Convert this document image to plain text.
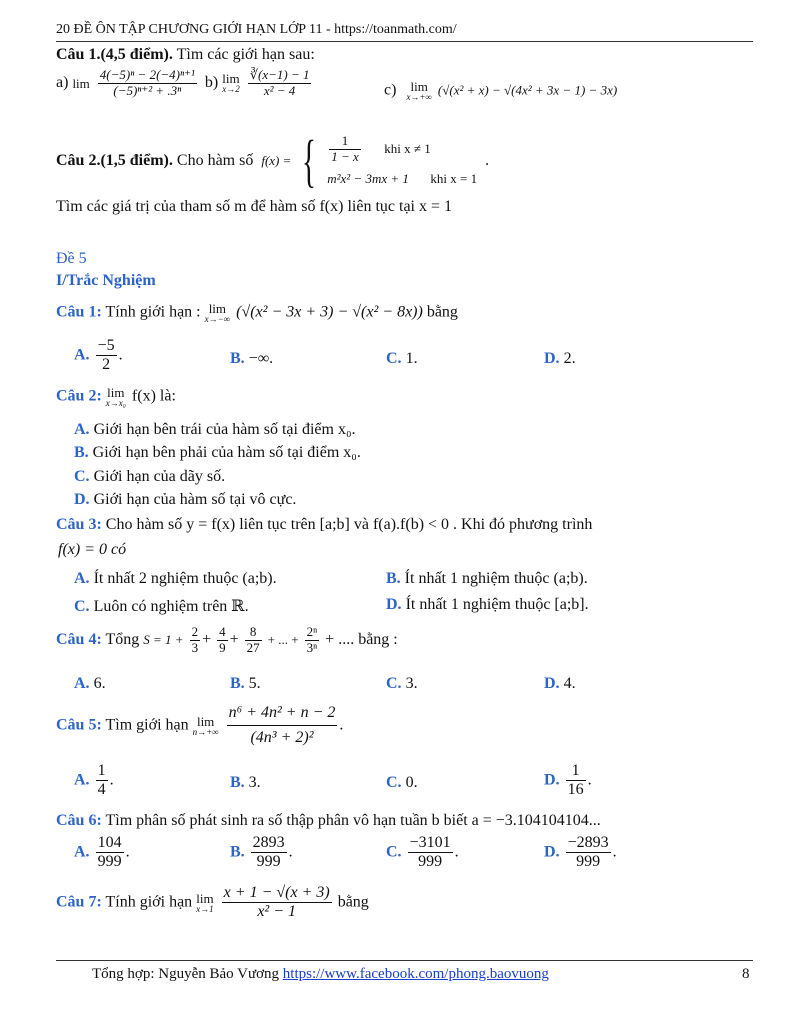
20 ĐỀ ÔN TẬP CHƯƠNG GIỚI HẠN LỚP 11 - https://toanmath.com/
Câu 1.(4,5 điểm). Tìm các giới hạn sau:
a) $\lim \frac{\text{4(−5)ⁿ − 2(−4)ⁿ⁺¹}}{\text{(−5)ⁿ⁺² + .3ⁿ}} b$) lim
x→2
$\frac{∛(x-1) - 1}{\text{x² − 4}}$	c) lim
x→+∞ (√(x² + x) − √(4x² + 3x − 1) − 3x)
Câu 2.(1,5 điểm). Cho hàm số f(x) = { $\frac{1}{1 - x}$ khi x ≠ 1
m²x² − 3mx + 1 khi x = 1
.
Tìm các giá trị của tham số m để hàm số f(x) liên tục tại x = 1
Đề 5
I/Trắc Nghiệm
Câu 1: Tính giới hạn : lim
x→−∞ (√(x² − 3x + 3) − √(x² − 8x)) bằng
A. $\frac{-5}{2}$ .	B. −∞.	C. 1.	D. 2.
Câu 2: lim
x→x₀ f(x) là:
A. Giới hạn bên trái của hàm số tại điểm x₀.
B. Giới hạn bên phải của hàm số tại điểm x₀.
C. Giới hạn của dãy số.
D. Giới hạn của hàm số tại vô cực.
Câu 3: Cho hàm số y = f(x) liên tục trên [a;b] và f(a).f(b) < 0 . Khi đó phương trình
f(x) = 0 có
A. Ít nhất 2 nghiệm thuộc (a;b).	B. Ít nhất 1 nghiệm thuộc (a;b).
C. Luôn có nghiệm trên ℝ.	D. Ít nhất 1 nghiệm thuộc [a;b].
Câu 4: Tổng $S = 1 + \frac{2}{3} + \frac{4}{9} + \frac{8}{27}$ + ... + $\frac{\text{2ⁿ}}{\text{3ⁿ}}$ + .... bằng :
A. 6.	B. 5.	C. 3.	D. 4.
Câu 5: Tìm giới hạn lim
n→+∞
$\frac{\text{n⁶ + 4n² + n − 2}}{\text{(4n³ + 2)²}}$ .
A. $\frac{1}{4}$ .	B. 3.	C. 0.	D. $\frac{1}{16}$ .
Câu 6: Tìm phân số phát sinh ra số thập phân vô hạn tuần b biết a = −3.104104104...
A. $\frac{104}{999}$ .	B. $\frac{2893}{999}$ .	C. $\frac{-3101}{999}$ .	D. $\frac{-2893}{999}$ .
Câu 7: Tính giới hạn lim
x→1
$\frac{x + 1 - √(x + 3)}{\text{x² − 1}}$ bằng
Tổng hợp: Nguyễn Bảo Vương https://www.facebook.com/phong.baovuong	8
